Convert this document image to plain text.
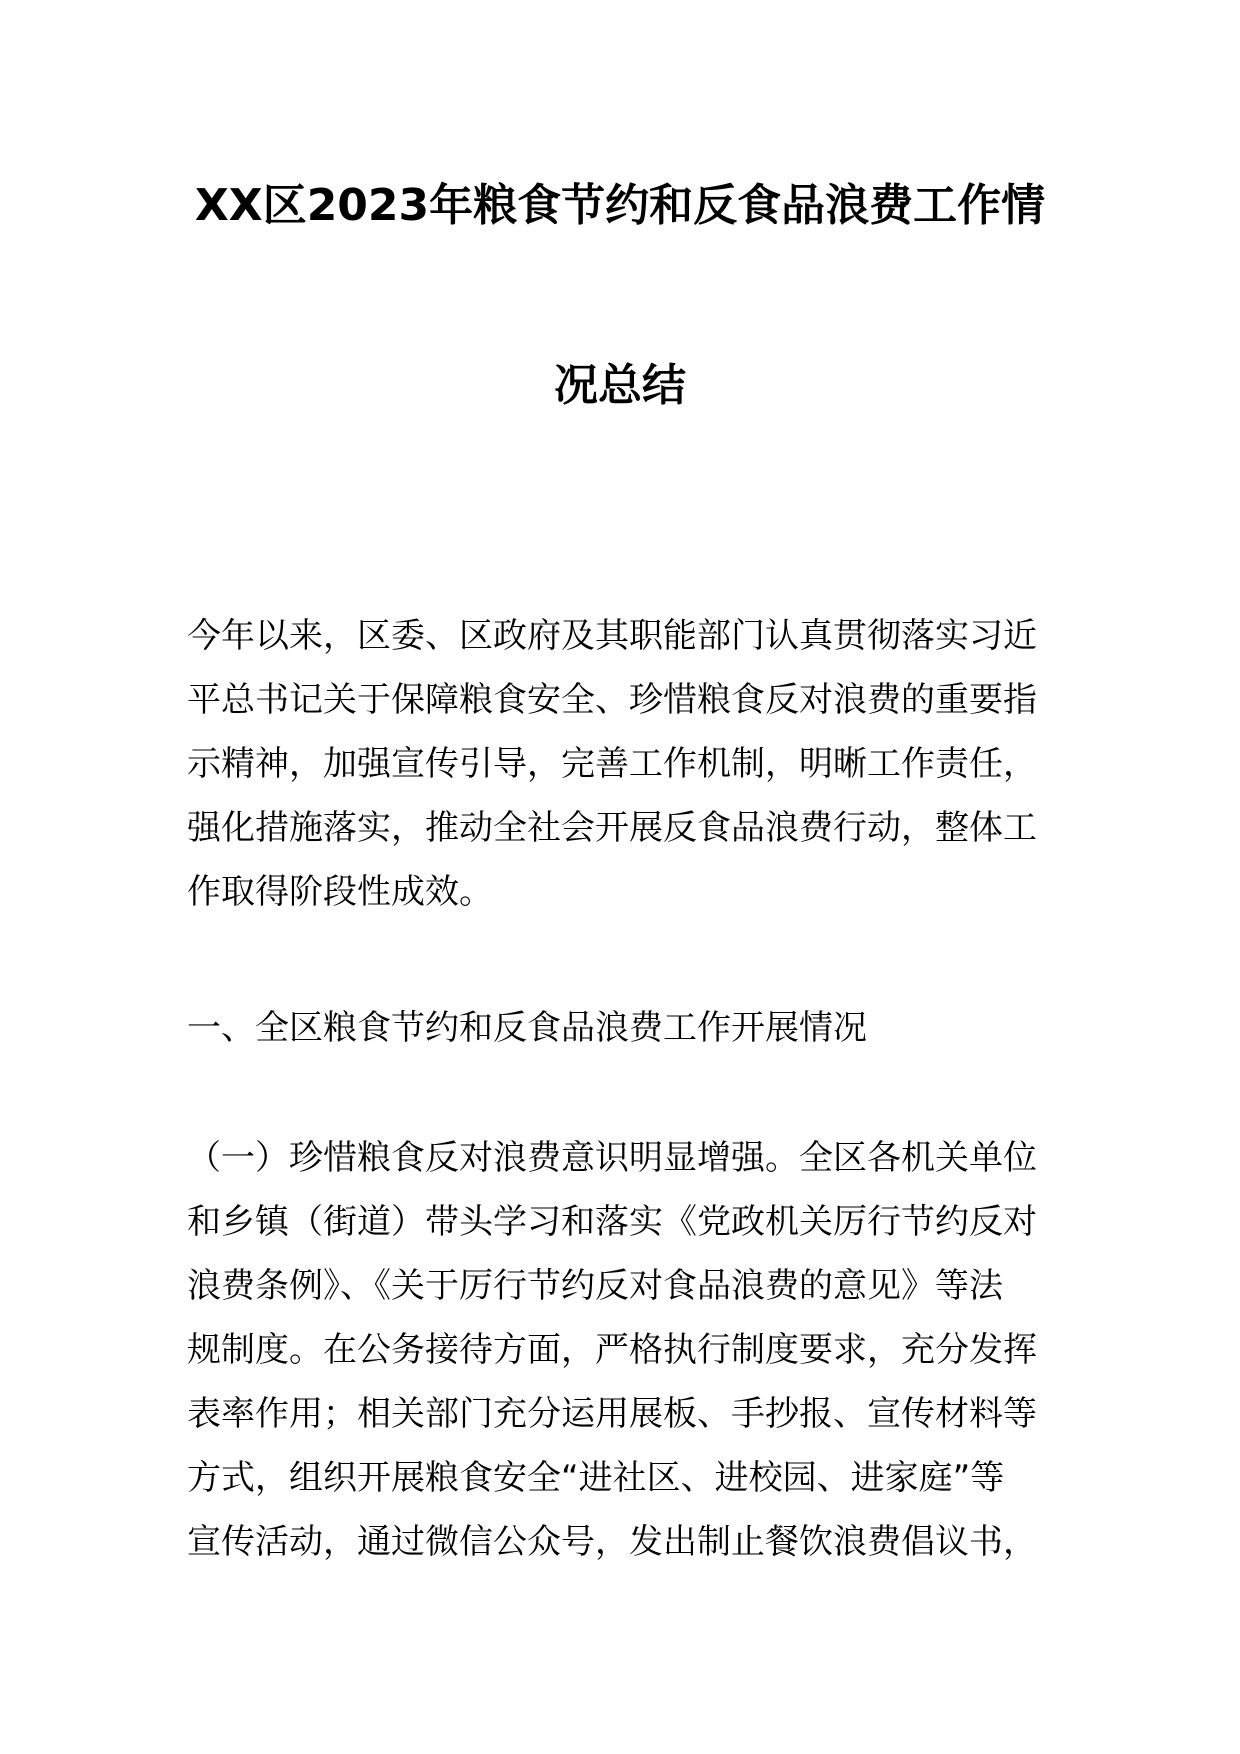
XX区2023年粮食节约和反食品浪费工作情
况总结
今年以来，区委、区政府及其职能部门认真贯彻落实习近
平总书记关于保障粮食安全、珍惜粮食反对浪费的重要指
示精神，加强宣传引导，完善工作机制，明晰工作责任，
强化措施落实，推动全社会开展反食品浪费行动，整体工
作取得阶段性成效。
一、全区粮食节约和反食品浪费工作开展情况
（一）珍惜粮食反对浪费意识明显增强。全区各机关单位
和乡镇（街道）带头学习和落实《党政机关厉行节约反对
浪费条例》、《关于厉行节约反对食品浪费的意见》等法
规制度。在公务接待方面，严格执行制度要求，充分发挥
表率作用；相关部门充分运用展板、手抄报、宣传材料等
方式，组织开展粮食安全“进社区、进校园、进家庭”等
宣传活动，通过微信公众号，发出制止餐饮浪费倡议书，
